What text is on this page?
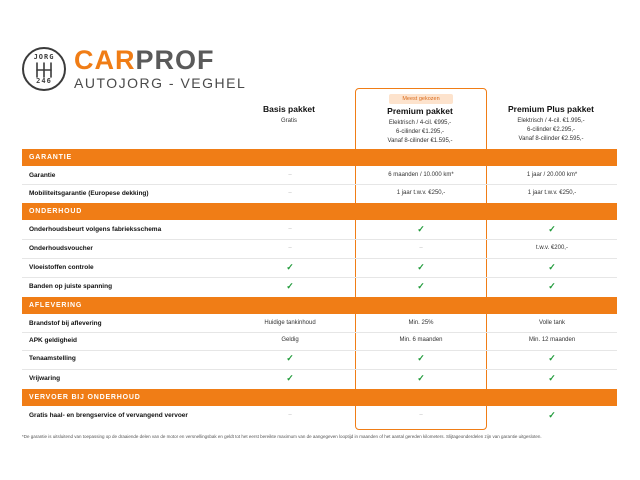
JORG
246
CARPROF
AUTOJORG - VEGHEL
Meest gekozen
Basis pakket
Gratis
Premium pakket
Elektrisch / 4-cil. €995,-
6-cilinder €1.295,-
Vanaf 8-cilinder €1.595,-
Premium Plus pakket
Elektrisch / 4-cil. €1.995,-
6-cilinder €2.295,-
Vanaf 8-cilinder €2.595,-
GARANTIE
Garantie	–	6 maanden / 10.000 km*	1 jaar / 20.000 km*
Mobiliteitsgarantie (Europese dekking)	–	1 jaar t.w.v. €250,-	1 jaar t.w.v. €250,-
ONDERHOUD
Onderhoudsbeurt volgens fabrieksschema	–	✓	✓
Onderhoudsvoucher	–	–	t.w.v. €200,-
Vloeistoffen controle	✓	✓	✓
Banden op juiste spanning	✓	✓	✓
AFLEVERING
Brandstof bij aflevering	Huidige tankinhoud	Min. 25%	Volle tank
APK geldigheid	Geldig	Min. 6 maanden	Min. 12 maanden
Tenaamstelling	✓	✓	✓
Vrijwaring	✓	✓	✓
VERVOER BIJ ONDERHOUD
Gratis haal- en brengservice of vervangend vervoer	–	–	✓
*De garantie is uitsluitend van toepassing op de draaiende delen van de motor en versnellingsbak en geldt tot het eerst bereikte maximum van de aangegeven looptijd in maanden of het aantal gereden kilometers. Slijtageonderdelen zijn van garantie uitgesloten.
